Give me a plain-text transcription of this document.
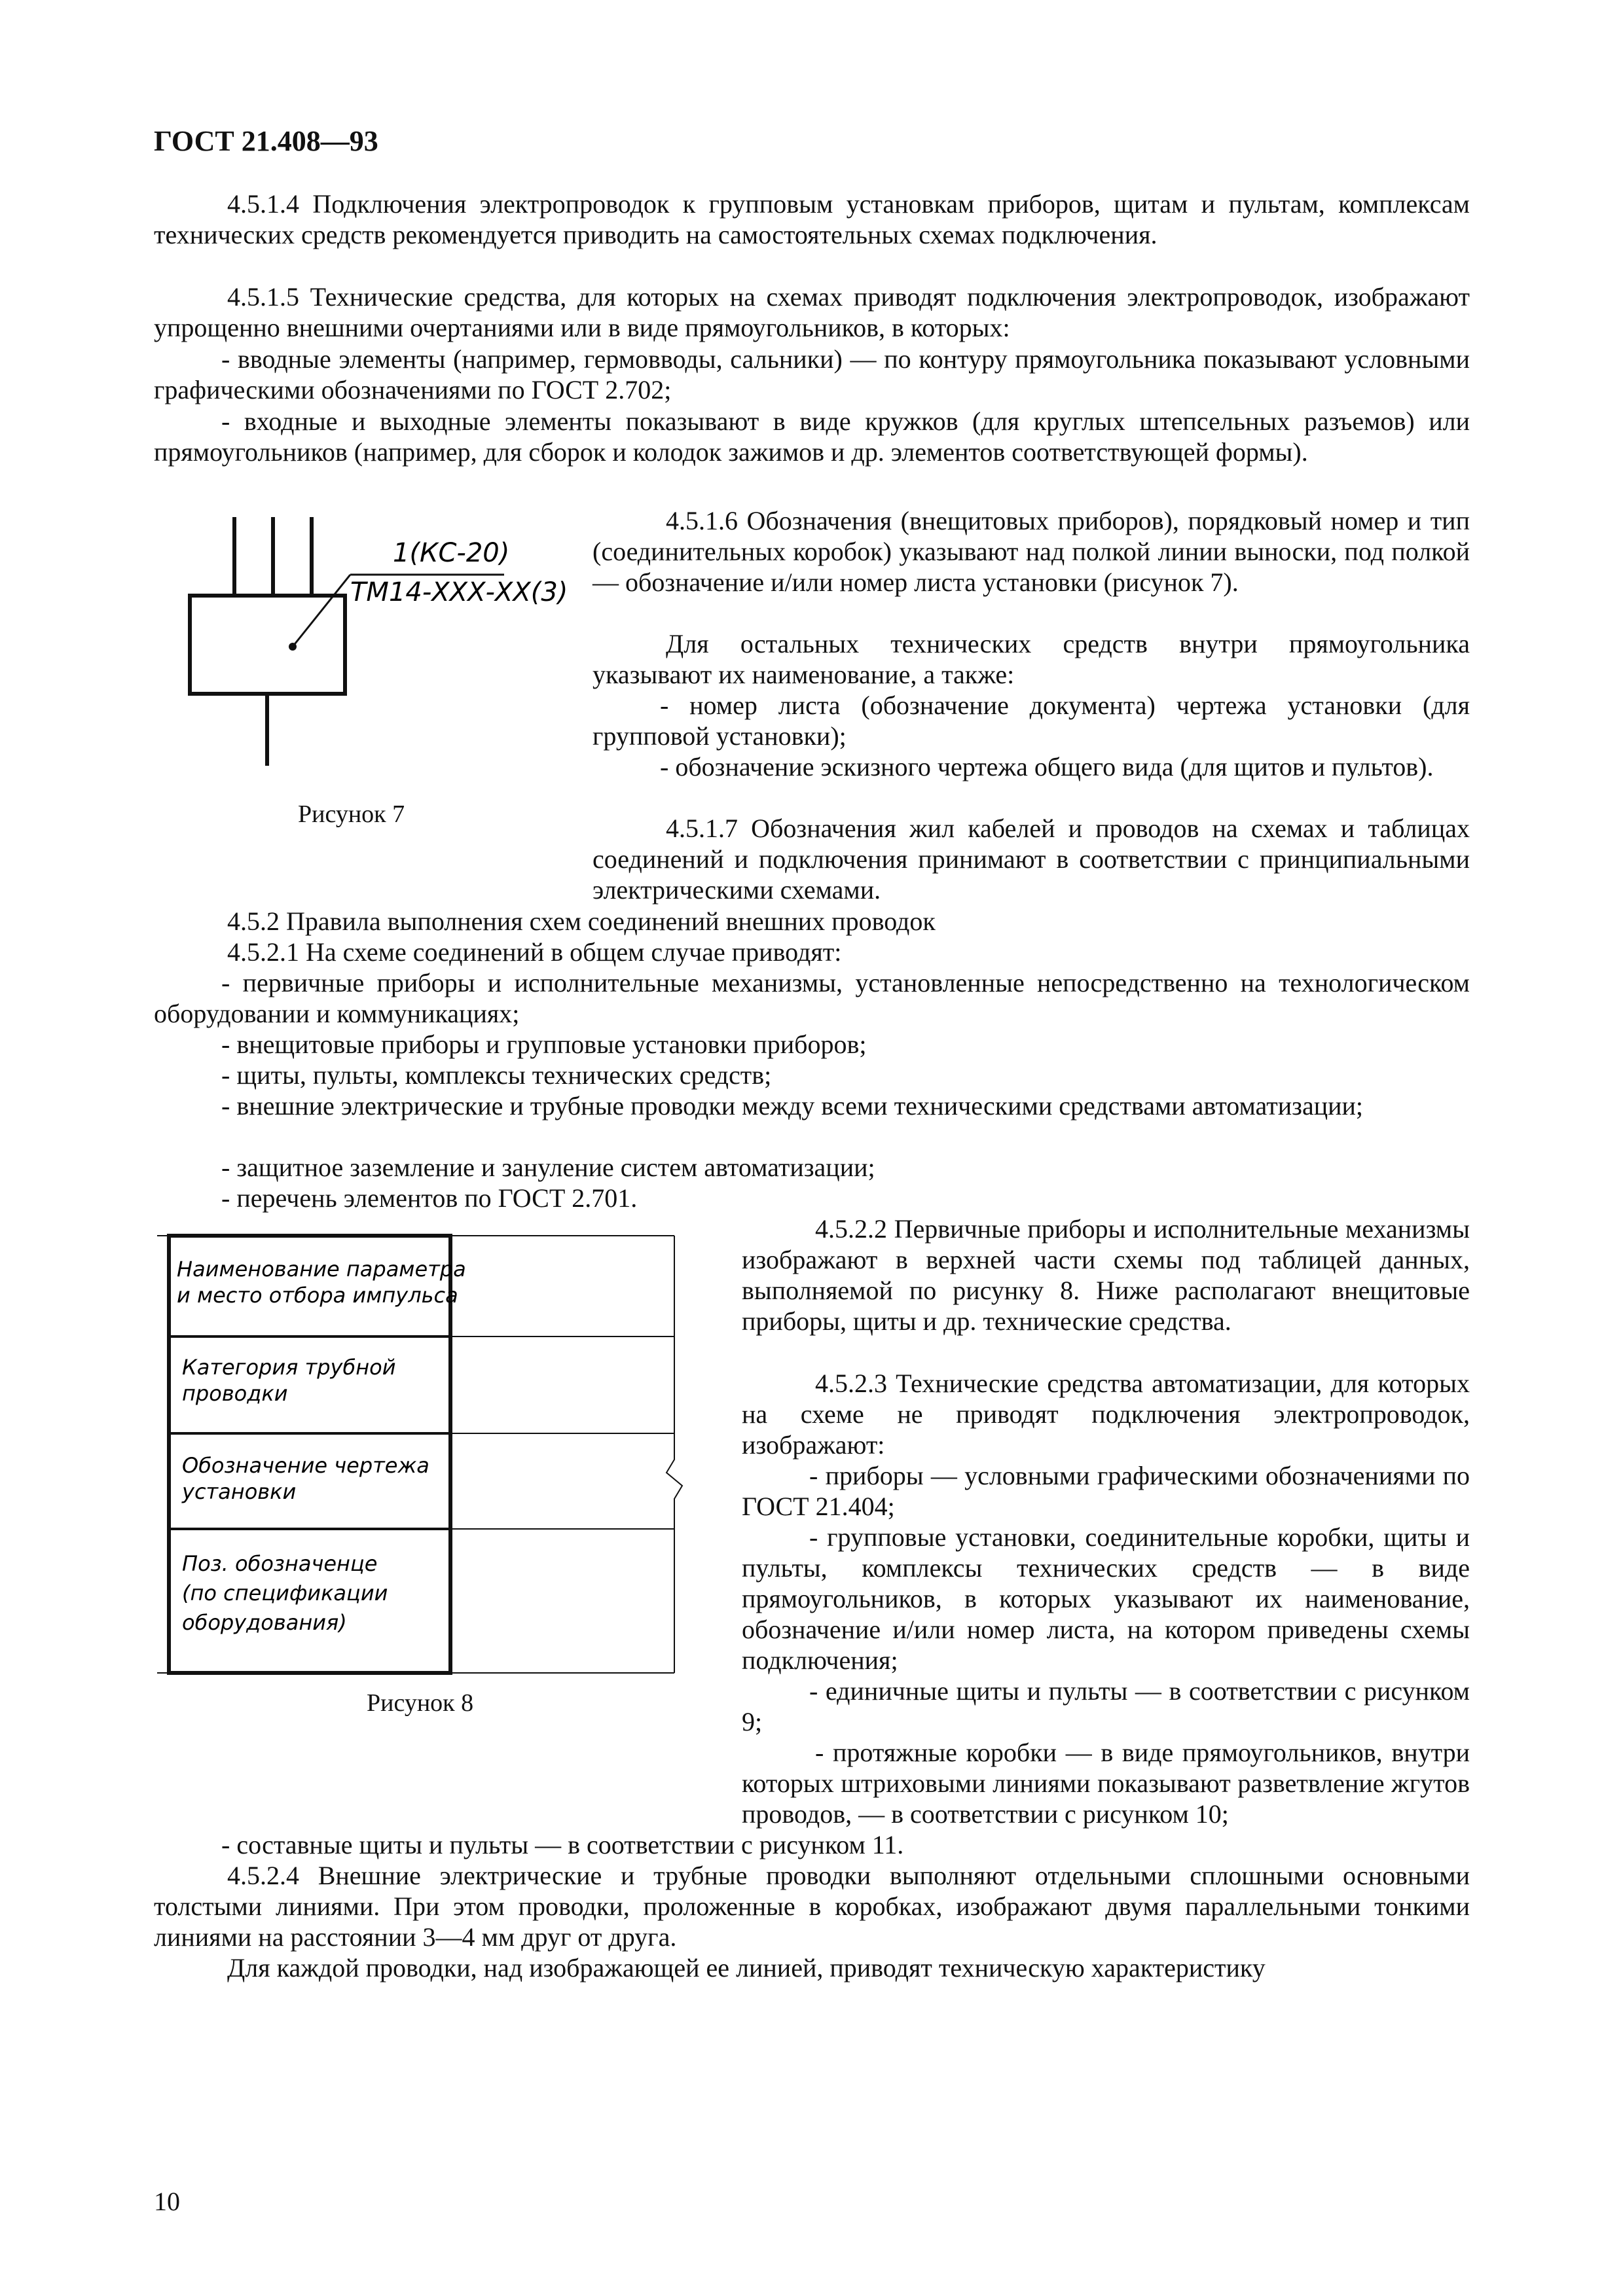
ГОСТ 21.408—93

4.5.1.4 Подключения электропроводок к групповым установкам приборов, щитам и пультам, комплексам технических средств рекомендуется приводить на самостоятельных схемах подключения.

4.5.1.5 Технические средства, для которых на схемах приводят подключения электропроводок, изображают упрощенно внешними очертаниями или в виде прямоугольников, в которых:

- вводные элементы (например, гермовводы, сальники) — по контуру прямоугольника показывают условными графическими обозначениями по ГОСТ 2.702;

- входные и выходные элементы показывают в виде кружков (для круглых штепсельных разъемов) или прямоугольников (например, для сборок и колодок зажимов и др. элементов соответствующей формы).

1(КС-20)
ТМ14-ХХХ-ХХ(3)
Рисунок 7

4.5.1.6 Обозначения (внещитовых приборов), порядковый номер и тип (соединительных коробок) указывают над полкой линии выноски, под полкой — обозначение и/или номер листа установки (рисунок 7).

Для остальных технических средств внутри прямоугольника указывают их наименование, а также:

- номер листа (обозначение документа) чертежа установки (для групповой установки);

- обозначение эскизного чертежа общего вида (для щитов и пультов).

4.5.1.7 Обозначения жил кабелей и проводов на схемах и таблицах соединений и подключения принимают в соответствии с принципиальными электрическими схемами.

4.5.2 Правила выполнения схем соединений внешних проводок

4.5.2.1 На схеме соединений в общем случае приводят:

- первичные приборы и исполнительные механизмы, установленные непосредственно на технологическом оборудовании и коммуникациях;

- внещитовые приборы и групповые установки приборов;

- щиты, пульты, комплексы технических средств;

- внешние электрические и трубные проводки между всеми техническими средствами автоматизации;

- защитное заземление и зануление систем автоматизации;

- перечень элементов по ГОСТ 2.701.

Наименование параметра
и место отбора импульса
Категория трубной
проводки
Обозначение чертежа
установки
Поз. обозначенце
(по спецификации
оборудования)
Рисунок 8

4.5.2.2 Первичные приборы и исполнительные механизмы изображают в верхней части схемы под таблицей данных, выполняемой по рисунку 8. Ниже располагают внещитовые приборы, щиты и др. технические средства.

4.5.2.3 Технические средства автоматизации, для которых на схеме не приводят подключения электропроводок, изображают:

- приборы — условными графическими обозначениями по ГОСТ 21.404;

- групповые установки, соединительные коробки, щиты и пульты, комплексы технических средств — в виде прямоугольников, в которых указывают их наименование, обозначение и/или номер листа, на котором приведены схемы подключения;

- единичные щиты и пульты — в соответствии с рисунком 9;

- протяжные коробки — в виде прямоугольников, внутри которых штриховыми линиями показывают разветвление жгутов проводов, — в соответствии с рисунком 10;

- составные щиты и пульты — в соответствии с рисунком 11.

4.5.2.4 Внешние электрические и трубные проводки выполняют отдельными сплошными основными толстыми линиями. При этом проводки, проложенные в коробках, изображают двумя параллельными тонкими линиями на расстоянии 3—4 мм друг от друга.

Для каждой проводки, над изображающей ее линией, приводят техническую характеристику

10
